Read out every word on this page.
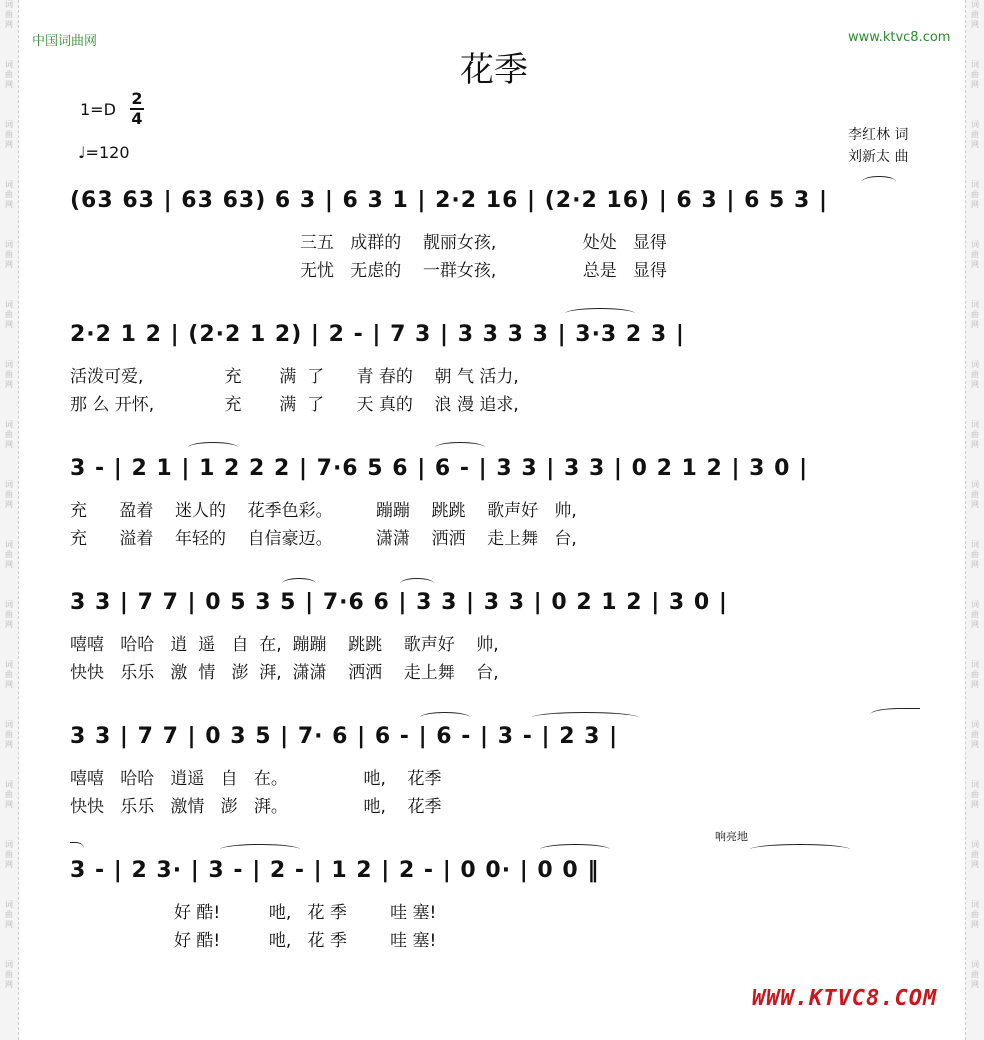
词
曲
网
词
曲
网
词
曲
网
词
曲
网
词
曲
网
词
曲
网
词
曲
网
词
曲
网
词
曲
网
词
曲
网
词
曲
网
词
曲
网
词
曲
网
词
曲
网
词
曲
网
词
曲
网
词
曲
网
词
曲
网
词
曲
网
词
曲
网
词
曲
网
词
曲
网
词
曲
网
词
曲
网
词
曲
网
词
曲
网
词
曲
网
词
曲
网
词
曲
网
词
曲
网
词
曲
网
词
曲
网
词
曲
网
词
曲
网
中国词曲网	www.ktvc8.com
花季
1=D
2
4
♩=120
李红林 词
刘新太 曲
(63 63 | 63 63) 6 3 | 6 3 1 | 2·2 16 | (2·2 16) | 6 3 | 6 5 3 |
三五   成群的    靓丽女孩,                处处   显得
无忧   无虑的    一群女孩,                总是   显得
2·2 1 2 | (2·2 1 2) | 2 - | 7 3 | 3 3 3 3 | 3·3 2 3 |
活泼可爱,               充       满  了      青 春的    朝 气 活力,
那 么 开怀,             充       满  了      天 真的    浪 漫 追求,
3 - | 2 1 | 1 2 2 2 | 7·6 5 6 | 6 - | 3 3 | 3 3 | 0 2 1 2 | 3 0 |
充      盈着    迷人的    花季色彩。        蹦蹦    跳跳    歌声好   帅,
充      溢着    年轻的    自信豪迈。        潇潇    洒洒    走上舞   台,
3 3 | 7 7 | 0 5 3 5 | 7·6 6 | 3 3 | 3 3 | 0 2 1 2 | 3 0 |
嘻嘻   哈哈   逍  遥   自  在,  蹦蹦    跳跳    歌声好    帅,
快快   乐乐   激  情   澎  湃,  潇潇    洒洒    走上舞    台,
3 3 | 7 7 | 0 3 5 | 7· 6 | 6 - | 6 - | 3 - | 2 3 |
嘻嘻   哈哈   逍遥   自   在。              吔,    花季
快快   乐乐   激情   澎   湃。              吔,    花季
3 - | 2 3· | 3 - | 2 - | 1 2 | 2 - | 0 0· | 0 0 ‖
响亮地
好 酷!         吔,   花 季        哇 塞!
好 酷!         吔,   花 季        哇 塞!
WWW.KTVC8.COM
